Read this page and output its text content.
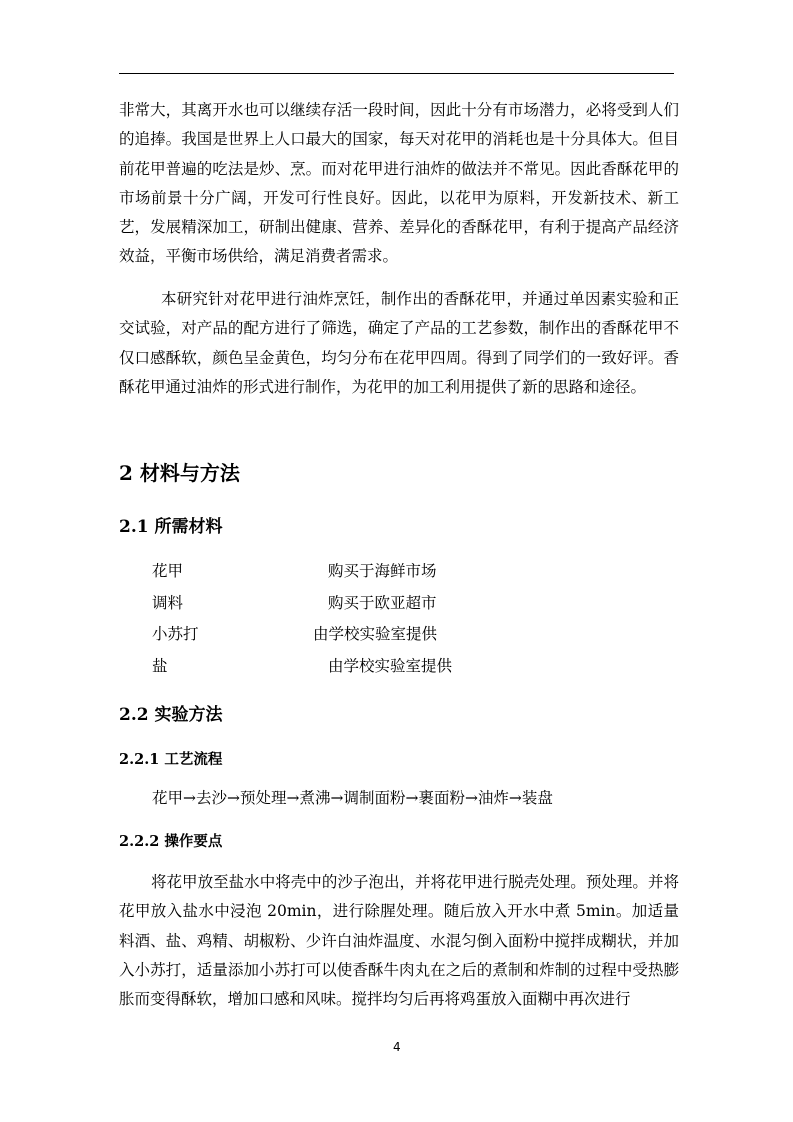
非常大，其离开水也可以继续存活一段时间，因此十分有市场潜力，必将受到人们的追捧。我国是世界上人口最大的国家，每天对花甲的消耗也是十分具体大。但目前花甲普遍的吃法是炒、烹。而对花甲进行油炸的做法并不常见。因此香酥花甲的市场前景十分广阔，开发可行性良好。因此，以花甲为原料，开发新技术、新工艺，发展精深加工，研制出健康、营养、差异化的香酥花甲，有利于提高产品经济效益，平衡市场供给，满足消费者需求。

本研究针对花甲进行油炸烹饪，制作出的香酥花甲，并通过单因素实验和正交试验，对产品的配方进行了筛选，确定了产品的工艺参数，制作出的香酥花甲不仅口感酥软，颜色呈金黄色，均匀分布在花甲四周。得到了同学们的一致好评。香酥花甲通过油炸的形式进行制作，为花甲的加工利用提供了新的思路和途径。

2 材料与方法
2.1 所需材料
花甲	购买于海鲜市场
调料	购买于欧亚超市
小苏打	由学校实验室提供
盐	由学校实验室提供
2.2 实验方法
2.2.1 工艺流程
花甲→去沙→预处理→煮沸→调制面粉→裹面粉→油炸→装盘
2.2.2 操作要点

将花甲放至盐水中将壳中的沙子泡出，并将花甲进行脱壳处理。预处理。并将花甲放入盐水中浸泡 20min，进行除腥处理。随后放入开水中煮 5min。加适量料酒、盐、鸡精、胡椒粉、少许白油炸温度、水混匀倒入面粉中搅拌成糊状，并加入小苏打，适量添加小苏打可以使香酥牛肉丸在之后的煮制和炸制的过程中受热膨胀而变得酥软，增加口感和风味。搅拌均匀后再将鸡蛋放入面糊中再次进行

4
